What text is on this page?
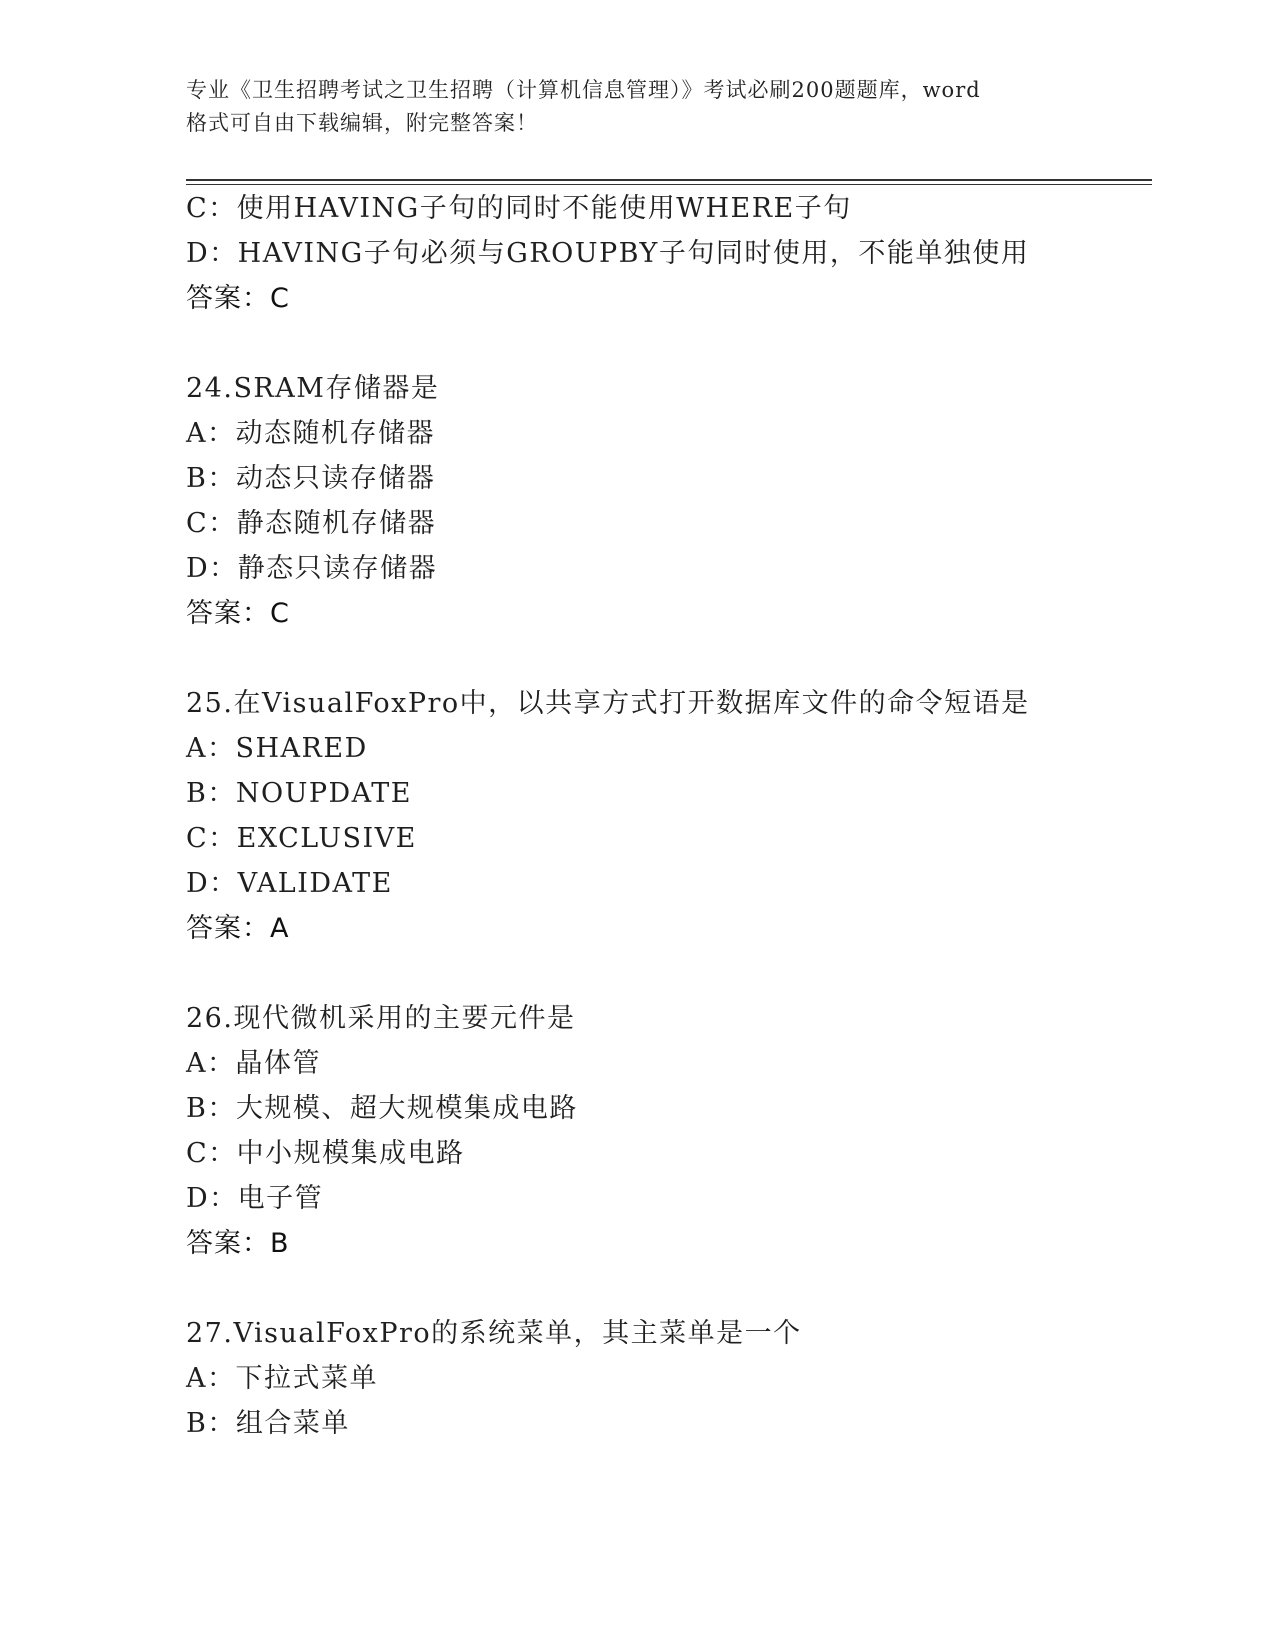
专业《卫生招聘考试之卫生招聘（计算机信息管理）》考试必刷200题题库，word
格式可自由下载编辑，附完整答案！
C：使用HAVING子句的同时不能使用WHERE子句
D：HAVING子句必须与GROUPBY子句同时使用，不能单独使用
答案：C
24.SRAM存储器是
A：动态随机存储器
B：动态只读存储器
C：静态随机存储器
D：静态只读存储器
答案：C
25.在VisualFoxPro中，以共享方式打开数据库文件的命令短语是
A：SHARED
B：NOUPDATE
C：EXCLUSIVE
D：VALIDATE
答案：A
26.现代微机采用的主要元件是
A：晶体管
B：大规模、超大规模集成电路
C：中小规模集成电路
D：电子管
答案：B
27.VisualFoxPro的系统菜单，其主菜单是一个
A：下拉式菜单
B：组合菜单
